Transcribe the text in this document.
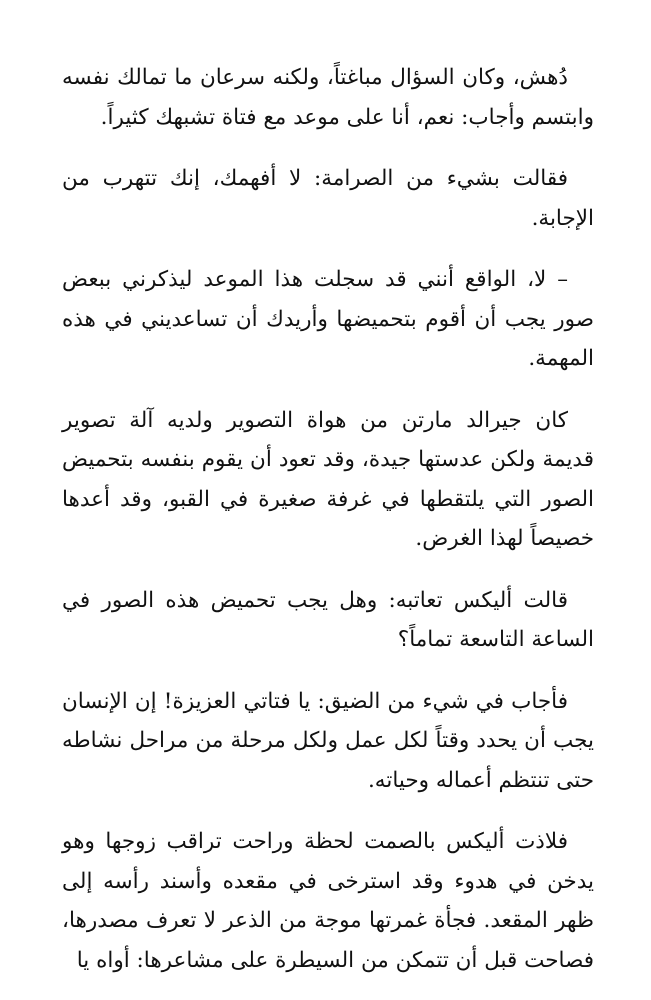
دُهش، وكان السؤال مباغتاً، ولكنه سرعان ما تمالك نفسه وابتسم وأجاب: نعم، أنا على موعد مع فتاة تشبهك كثيراً.

فقالت بشيء من الصرامة: لا أفهمك، إنك تتهرب من الإجابة.

– لا، الواقع أنني قد سجلت هذا الموعد ليذكرني ببعض صور يجب أن أقوم بتحميضها وأريدك أن تساعديني في هذه المهمة.

كان جيرالد مارتن من هواة التصوير ولديه آلة تصوير قديمة ولكن عدستها جيدة، وقد تعود أن يقوم بنفسه بتحميض الصور التي يلتقطها في غرفة صغيرة في القبو، وقد أعدها خصيصاً لهذا الغرض.

قالت أليكس تعاتبه: وهل يجب تحميض هذه الصور في الساعة التاسعة تماماً؟

فأجاب في شيء من الضيق: يا فتاتي العزيزة! إن الإنسان يجب أن يحدد وقتاً لكل عمل ولكل مرحلة من مراحل نشاطه حتى تنتظم أعماله وحياته.

فلاذت أليكس بالصمت لحظة وراحت تراقب زوجها وهو يدخن في هدوء وقد استرخى في مقعده وأسند رأسه إلى ظهر المقعد. فجأة غمرتها موجة من الذعر لا تعرف مصدرها، فصاحت قبل أن تتمكن من السيطرة على مشاعرها: أواه يا
